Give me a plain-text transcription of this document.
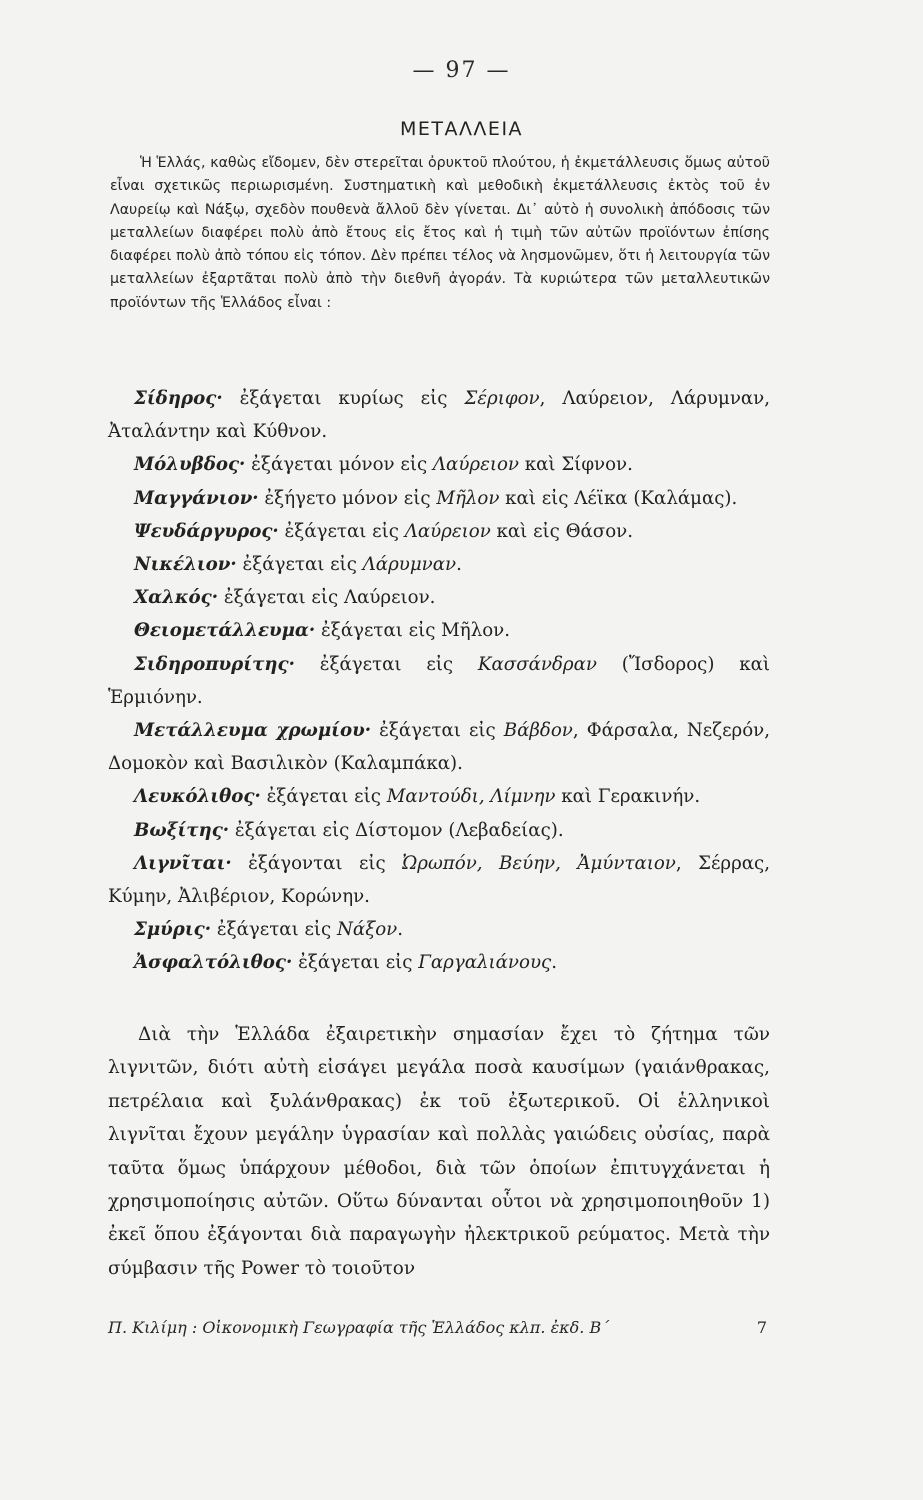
— 97 —
ΜΕΤΑΛΛΕΙΑ

Ἡ Ἑλλάς, καθὼς εἴδομεν, δὲν στερεῖται ὀρυκτοῦ πλούτου, ἡ ἐκμετάλλευσις ὅμως αὐτοῦ εἶναι σχετικῶς περιωρισμένη. Συστηματικὴ καὶ μεθοδικὴ ἐκμετάλλευσις ἐκτὸς τοῦ ἐν Λαυρείῳ καὶ Νάξῳ, σχεδὸν πουθενὰ ἄλλοῦ δὲν γίνεται. Δι᾽ αὐτὸ ἡ συνολικὴ ἀπόδοσις τῶν μεταλλείων διαφέρει πολὺ ἀπὸ ἔτους εἰς ἔτος καὶ ἡ τιμὴ τῶν αὐτῶν προϊόντων ἐπίσης διαφέρει πολὺ ἀπὸ τόπου εἰς τόπον. Δὲν πρέπει τέλος νὰ λησμονῶμεν, ὅτι ἡ λειτουργία τῶν μεταλλείων ἐξαρτᾶται πολὺ ἀπὸ τὴν διεθνῆ ἀγοράν. Τὰ κυριώτερα τῶν μεταλλευτικῶν προϊόντων τῆς Ἑλλάδος εἶναι :

Σίδηρος· ἐξάγεται κυρίως εἰς Σέριφον, Λαύρειον, Λάρυμναν, Ἀταλάντην καὶ Κύθνον.

Μόλυβδος· ἐξάγεται μόνον εἰς Λαύρειον καὶ Σίφνον.

Μαγγάνιον· ἐξήγετο μόνον εἰς Μῆλον καὶ εἰς Λέϊκα (Καλάμας).

Ψευδάργυρος· ἐξάγεται εἰς Λαύρειον καὶ εἰς Θάσον.

Νικέλιον· ἐξάγεται εἰς Λάρυμναν.

Χαλκός· ἐξάγεται εἰς Λαύρειον.

Θειομετάλλευμα· ἐξάγεται εἰς Μῆλον.

Σιδηροπυρίτης· ἐξάγεται εἰς Κασσάνδραν (Ἴσδορος) καὶ Ἑρμιόνην.

Μετάλλευμα χρωμίου· ἐξάγεται εἰς Βάβδον, Φάρσαλα, Νεζερόν, Δομοκὸν καὶ Βασιλικὸν (Καλαμπάκα).

Λευκόλιθος· ἐξάγεται εἰς Μαντούδι, Λίμνην καὶ Γερακινήν.

Βωξίτης· ἐξάγεται εἰς Δίστομον (Λεβαδείας).

Λιγνῖται· ἐξάγονται εἰς Ὠρωπόν, Βεύην, Ἀμύνταιον, Σέρρας, Κύμην, Ἀλιβέριον, Κορώνην.

Σμύρις· ἐξάγεται εἰς Νάξον.

Ἀσφαλτόλιθος· ἐξάγεται εἰς Γαργαλιάνους.

Διὰ τὴν Ἑλλάδα ἐξαιρετικὴν σημασίαν ἔχει τὸ ζήτημα τῶν λιγνιτῶν, διότι αὐτὴ εἰσάγει μεγάλα ποσὰ καυσίμων (γαιάνθρακας, πετρέλαια καὶ ξυλάνθρακας) ἐκ τοῦ ἐξωτερικοῦ. Οἱ ἑλληνικοὶ λιγνῖται ἔχουν μεγάλην ὑγρασίαν καὶ πολλὰς γαιώδεις οὐσίας, παρὰ ταῦτα ὅμως ὑπάρχουν μέθοδοι, διὰ τῶν ὁποίων ἐπιτυγχάνεται ἡ χρησιμοποίησις αὐτῶν. Οὕτω δύνανται οὗτοι νὰ χρησιμοποιηθοῦν 1) ἐκεῖ ὅπου ἐξάγονται διὰ παραγωγὴν ἠλεκτρικοῦ ρεύματος. Μετὰ τὴν σύμβασιν τῆς Power τὸ τοιοῦτον

Π. Κιλίμη : Οἰκονομικὴ Γεωγραφία τῆς Ἑλλάδος κλπ. ἐκδ. Β´	7
